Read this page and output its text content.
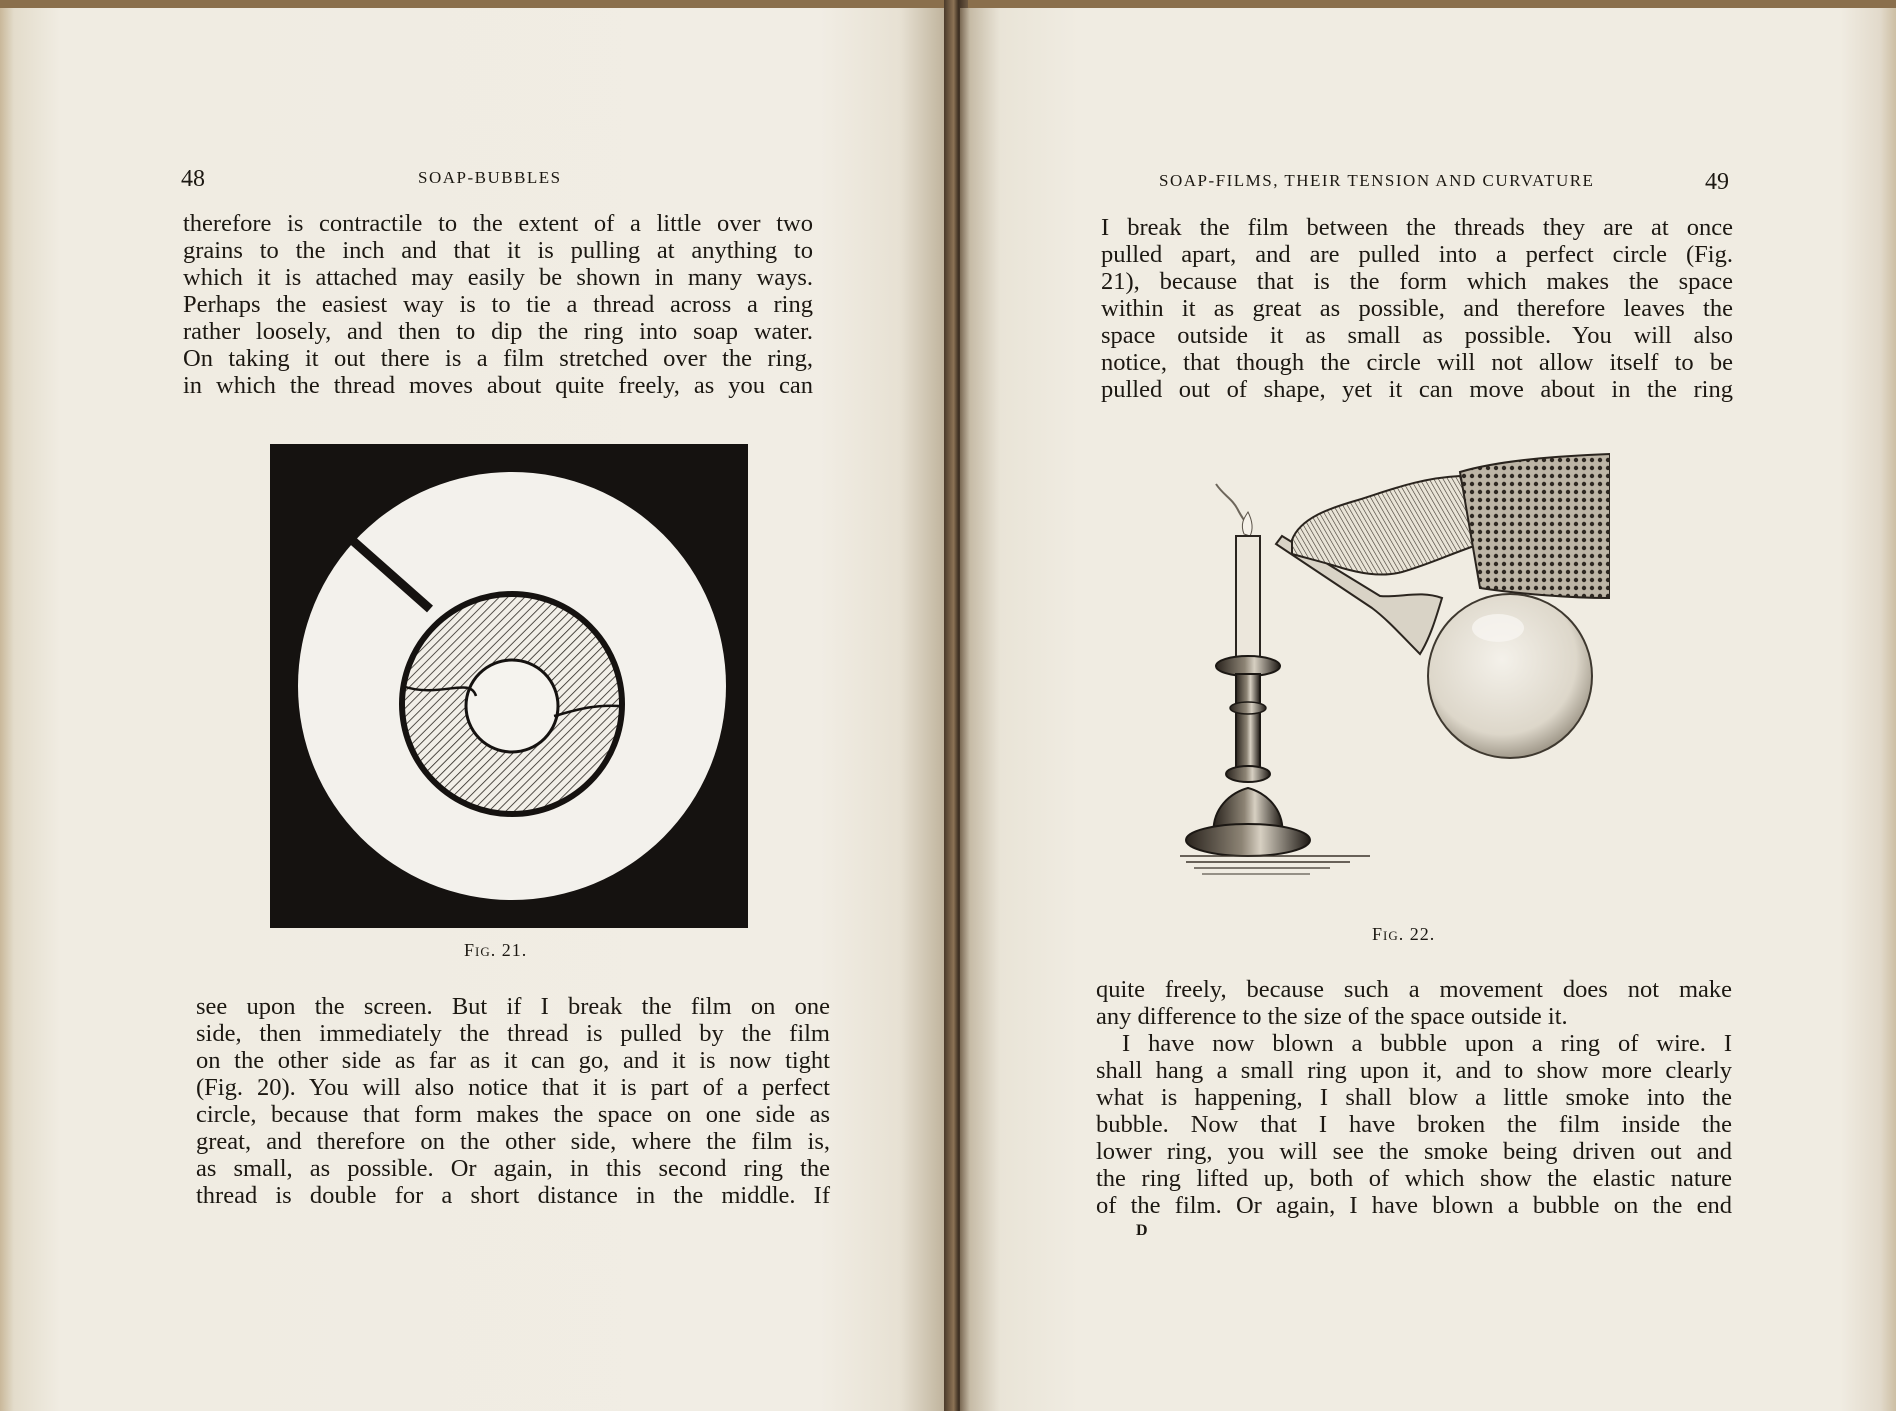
48	SOAP-BUBBLES
therefore is contractile to the extent of a little over two
grains to the inch and that it is pulling at anything to
which it is attached may easily be shown in many ways.
Perhaps the easiest way is to tie a thread across a ring
rather loosely, and then to dip the ring into soap water.
On taking it out there is a film stretched over the ring,
in which the thread moves about quite freely, as you can
Fig. 21.
see upon the screen. But if I break the film on one
side, then immediately the thread is pulled by the film
on the other side as far as it can go, and it is now tight
(Fig. 20). You will also notice that it is part of a perfect
circle, because that form makes the space on one side as
great, and therefore on the other side, where the film is,
as small, as possible. Or again, in this second ring the
thread is double for a short distance in the middle. If
SOAP-FILMS, THEIR TENSION AND CURVATURE	49
I break the film between the threads they are at once
pulled apart, and are pulled into a perfect circle (Fig.
21), because that is the form which makes the space
within it as great as possible, and therefore leaves the
space outside it as small as possible. You will also
notice, that though the circle will not allow itself to be
pulled out of shape, yet it can move about in the ring
Fig. 22.
quite freely, because such a movement does not make
any difference to the size of the space outside it.
I have now blown a bubble upon a ring of wire. I
shall hang a small ring upon it, and to show more clearly
what is happening, I shall blow a little smoke into the
bubble. Now that I have broken the film inside the
lower ring, you will see the smoke being driven out and
the ring lifted up, both of which show the elastic nature
of the film. Or again, I have blown a bubble on the end
D
